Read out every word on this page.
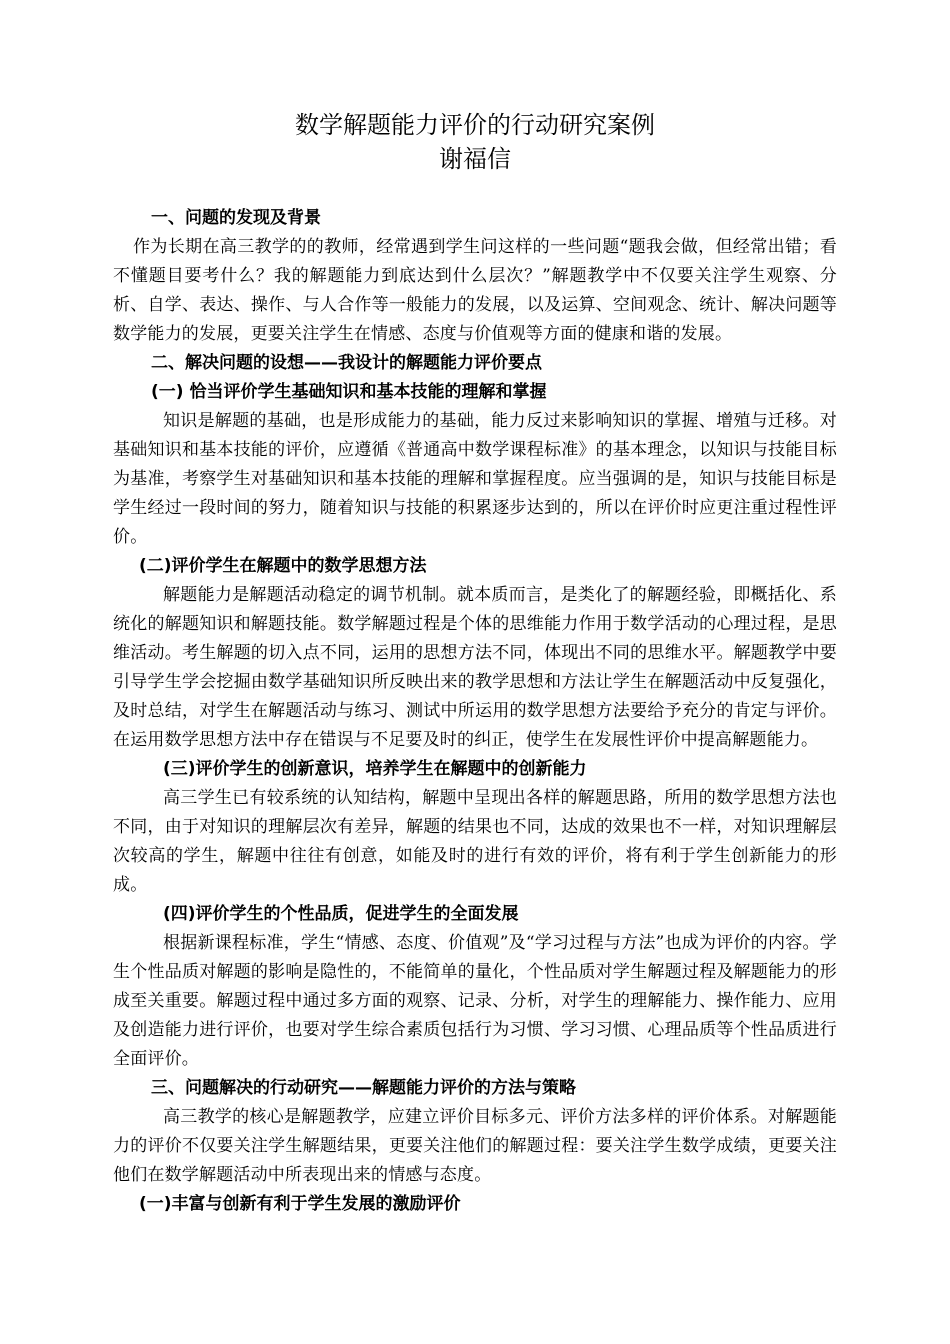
数学解题能力评价的行动研究案例
谢福信
一、问题的发现及背景

作为长期在高三教学的的教师，经常遇到学生问这样的一些问题“题我会做，但经常出错；看不懂题目要考什么？我的解题能力到底达到什么层次？”解题教学中不仅要关注学生观察、分析、自学、表达、操作、与人合作等一般能力的发展，以及运算、空间观念、统计、解决问题等数学能力的发展，更要关注学生在情感、态度与价值观等方面的健康和谐的发展。

二、解决问题的设想——我设计的解题能力评价要点
(一) 恰当评价学生基础知识和基本技能的理解和掌握

知识是解题的基础，也是形成能力的基础，能力反过来影响知识的掌握、增殖与迁移。对基础知识和基本技能的评价，应遵循《普通高中数学课程标准》的基本理念，以知识与技能目标为基准，考察学生对基础知识和基本技能的理解和掌握程度。应当强调的是，知识与技能目标是学生经过一段时间的努力，随着知识与技能的积累逐步达到的，所以在评价时应更注重过程性评价。

(二)评价学生在解题中的数学思想方法

解题能力是解题活动稳定的调节机制。就本质而言，是类化了的解题经验，即概括化、系统化的解题知识和解题技能。数学解题过程是个体的思维能力作用于数学活动的心理过程，是思维活动。考生解题的切入点不同，运用的思想方法不同，体现出不同的思维水平。解题教学中要引导学生学会挖掘由数学基础知识所反映出来的教学思想和方法让学生在解题活动中反复强化，及时总结，对学生在解题活动与练习、测试中所运用的数学思想方法要给予充分的肯定与评价。在运用数学思想方法中存在错误与不足要及时的纠正，使学生在发展性评价中提高解题能力。

(三)评价学生的创新意识，培养学生在解题中的创新能力

高三学生已有较系统的认知结构，解题中呈现出各样的解题思路，所用的数学思想方法也不同，由于对知识的理解层次有差异，解题的结果也不同，达成的效果也不一样，对知识理解层次较高的学生，解题中往往有创意，如能及时的进行有效的评价，将有利于学生创新能力的形成。

(四)评价学生的个性品质，促进学生的全面发展

根据新课程标准，学生“情感、态度、价值观”及“学习过程与方法”也成为评价的内容。学生个性品质对解题的影响是隐性的，不能简单的量化，个性品质对学生解题过程及解题能力的形成至关重要。解题过程中通过多方面的观察、记录、分析，对学生的理解能力、操作能力、应用及创造能力进行评价，也要对学生综合素质包括行为习惯、学习习惯、心理品质等个性品质进行全面评价。

三、问题解决的行动研究——解题能力评价的方法与策略

高三教学的核心是解题教学，应建立评价目标多元、评价方法多样的评价体系。对解题能力的评价不仅要关注学生解题结果，更要关注他们的解题过程：要关注学生数学成绩，更要关注他们在数学解题活动中所表现出来的情感与态度。

(一)丰富与创新有利于学生发展的激励评价
